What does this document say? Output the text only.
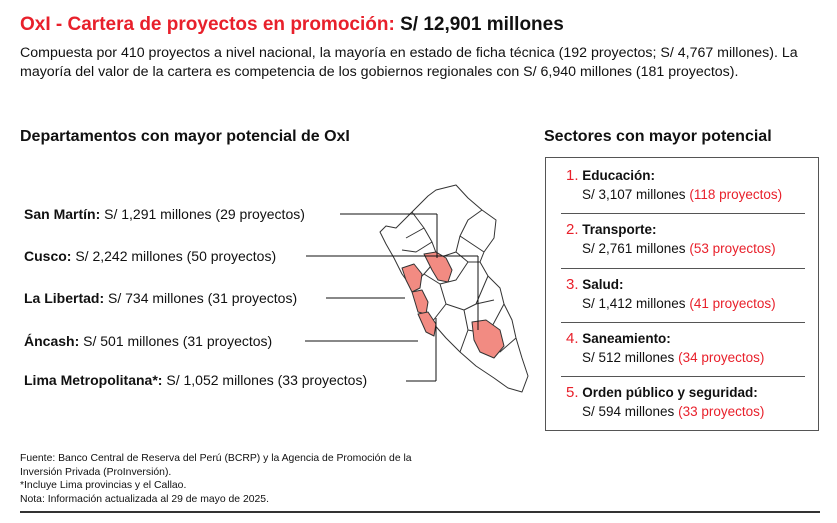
OxI - Cartera de proyectos en promoción: S/ 12,901 millones
Compuesta por 410 proyectos a nivel nacional, la mayoría en estado de ficha técnica (192 proyectos; S/ 4,767 millones). La mayoría del valor de la cartera es competencia de los gobiernos regionales con S/ 6,940 millones (181 proyectos).
Departamentos con mayor potencial de OxI	Sectores con mayor potencial
San Martín: S/ 1,291 millones (29 proyectos)
Cusco: S/ 2,242 millones (50 proyectos)
La Libertad: S/ 734 millones (31 proyectos)
Áncash: S/ 501 millones (31 proyectos)
Lima Metropolitana*: S/ 1,052 millones (33 proyectos)
1. Educación:
S/ 3,107 millones (118 proyectos)
2. Transporte:
S/ 2,761 millones (53 proyectos)
3. Salud:
S/ 1,412 millones (41 proyectos)
4. Saneamiento:
S/ 512 millones (34 proyectos)
5. Orden público y seguridad:
S/ 594 millones (33 proyectos)
Fuente: Banco Central de Reserva del Perú (BCRP) y la Agencia de Promoción de la Inversión Privada (ProInversión).
*Incluye Lima provincias y el Callao.
Nota: Información actualizada al 29 de mayo de 2025.
